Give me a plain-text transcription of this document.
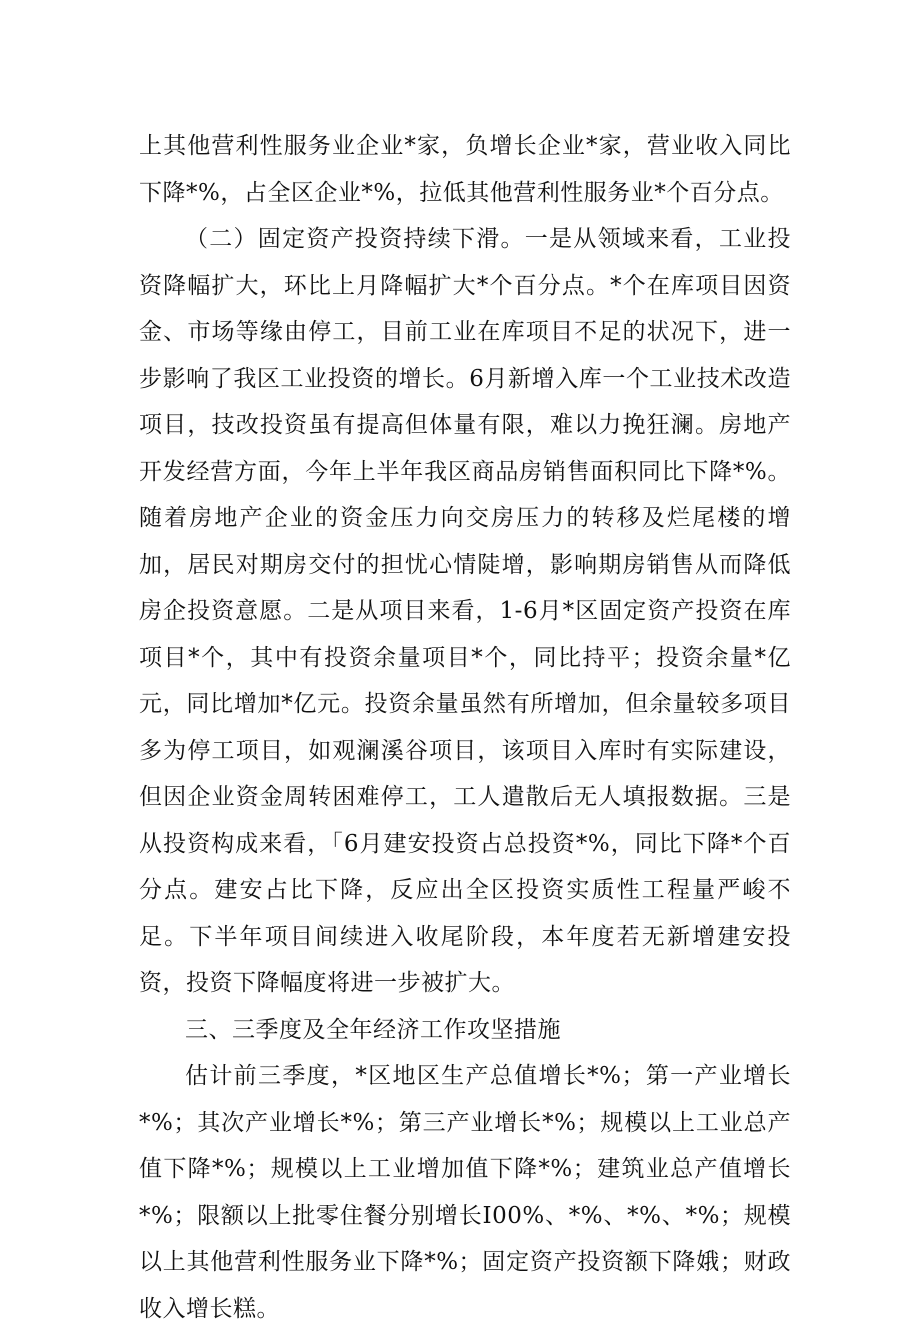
上其他营利性服务业企业*家，负增长企业*家，营业收入同比下降*%，占全区企业*%，拉低其他营利性服务业*个百分点。

（二）固定资产投资持续下滑。一是从领域来看，工业投资降幅扩大，环比上月降幅扩大*个百分点。*个在库项目因资金、市场等缘由停工，目前工业在库项目不足的状况下，进一步影响了我区工业投资的增长。6月新增入库一个工业技术改造项目，技改投资虽有提高但体量有限，难以力挽狂澜。房地产开发经营方面，今年上半年我区商品房销售面积同比下降*%。随着房地产企业的资金压力向交房压力的转移及烂尾楼的增加，居民对期房交付的担忧心情陡增，影响期房销售从而降低房企投资意愿。二是从项目来看，1-6月*区固定资产投资在库项目*个，其中有投资余量项目*个，同比持平；投资余量*亿元，同比增加*亿元。投资余量虽然有所增加，但余量较多项目多为停工项目，如观澜溪谷项目，该项目入库时有实际建设，但因企业资金周转困难停工，工人遣散后无人填报数据。三是从投资构成来看，「6月建安投资占总投资*%，同比下降*个百分点。建安占比下降，反应出全区投资实质性工程量严峻不足。下半年项目间续进入收尾阶段，本年度若无新增建安投资，投资下降幅度将进一步被扩大。

三、三季度及全年经济工作攻坚措施

估计前三季度，*区地区生产总值增长*%；第一产业增长*%；其次产业增长*%；第三产业增长*%；规模以上工业总产值下降*%；规模以上工业增加值下降*%；建筑业总产值增长*%；限额以上批零住餐分别增长I00%、*%、*%、*%；规模以上其他营利性服务业下降*%；固定资产投资额下降娥；财政收入增长糕。
